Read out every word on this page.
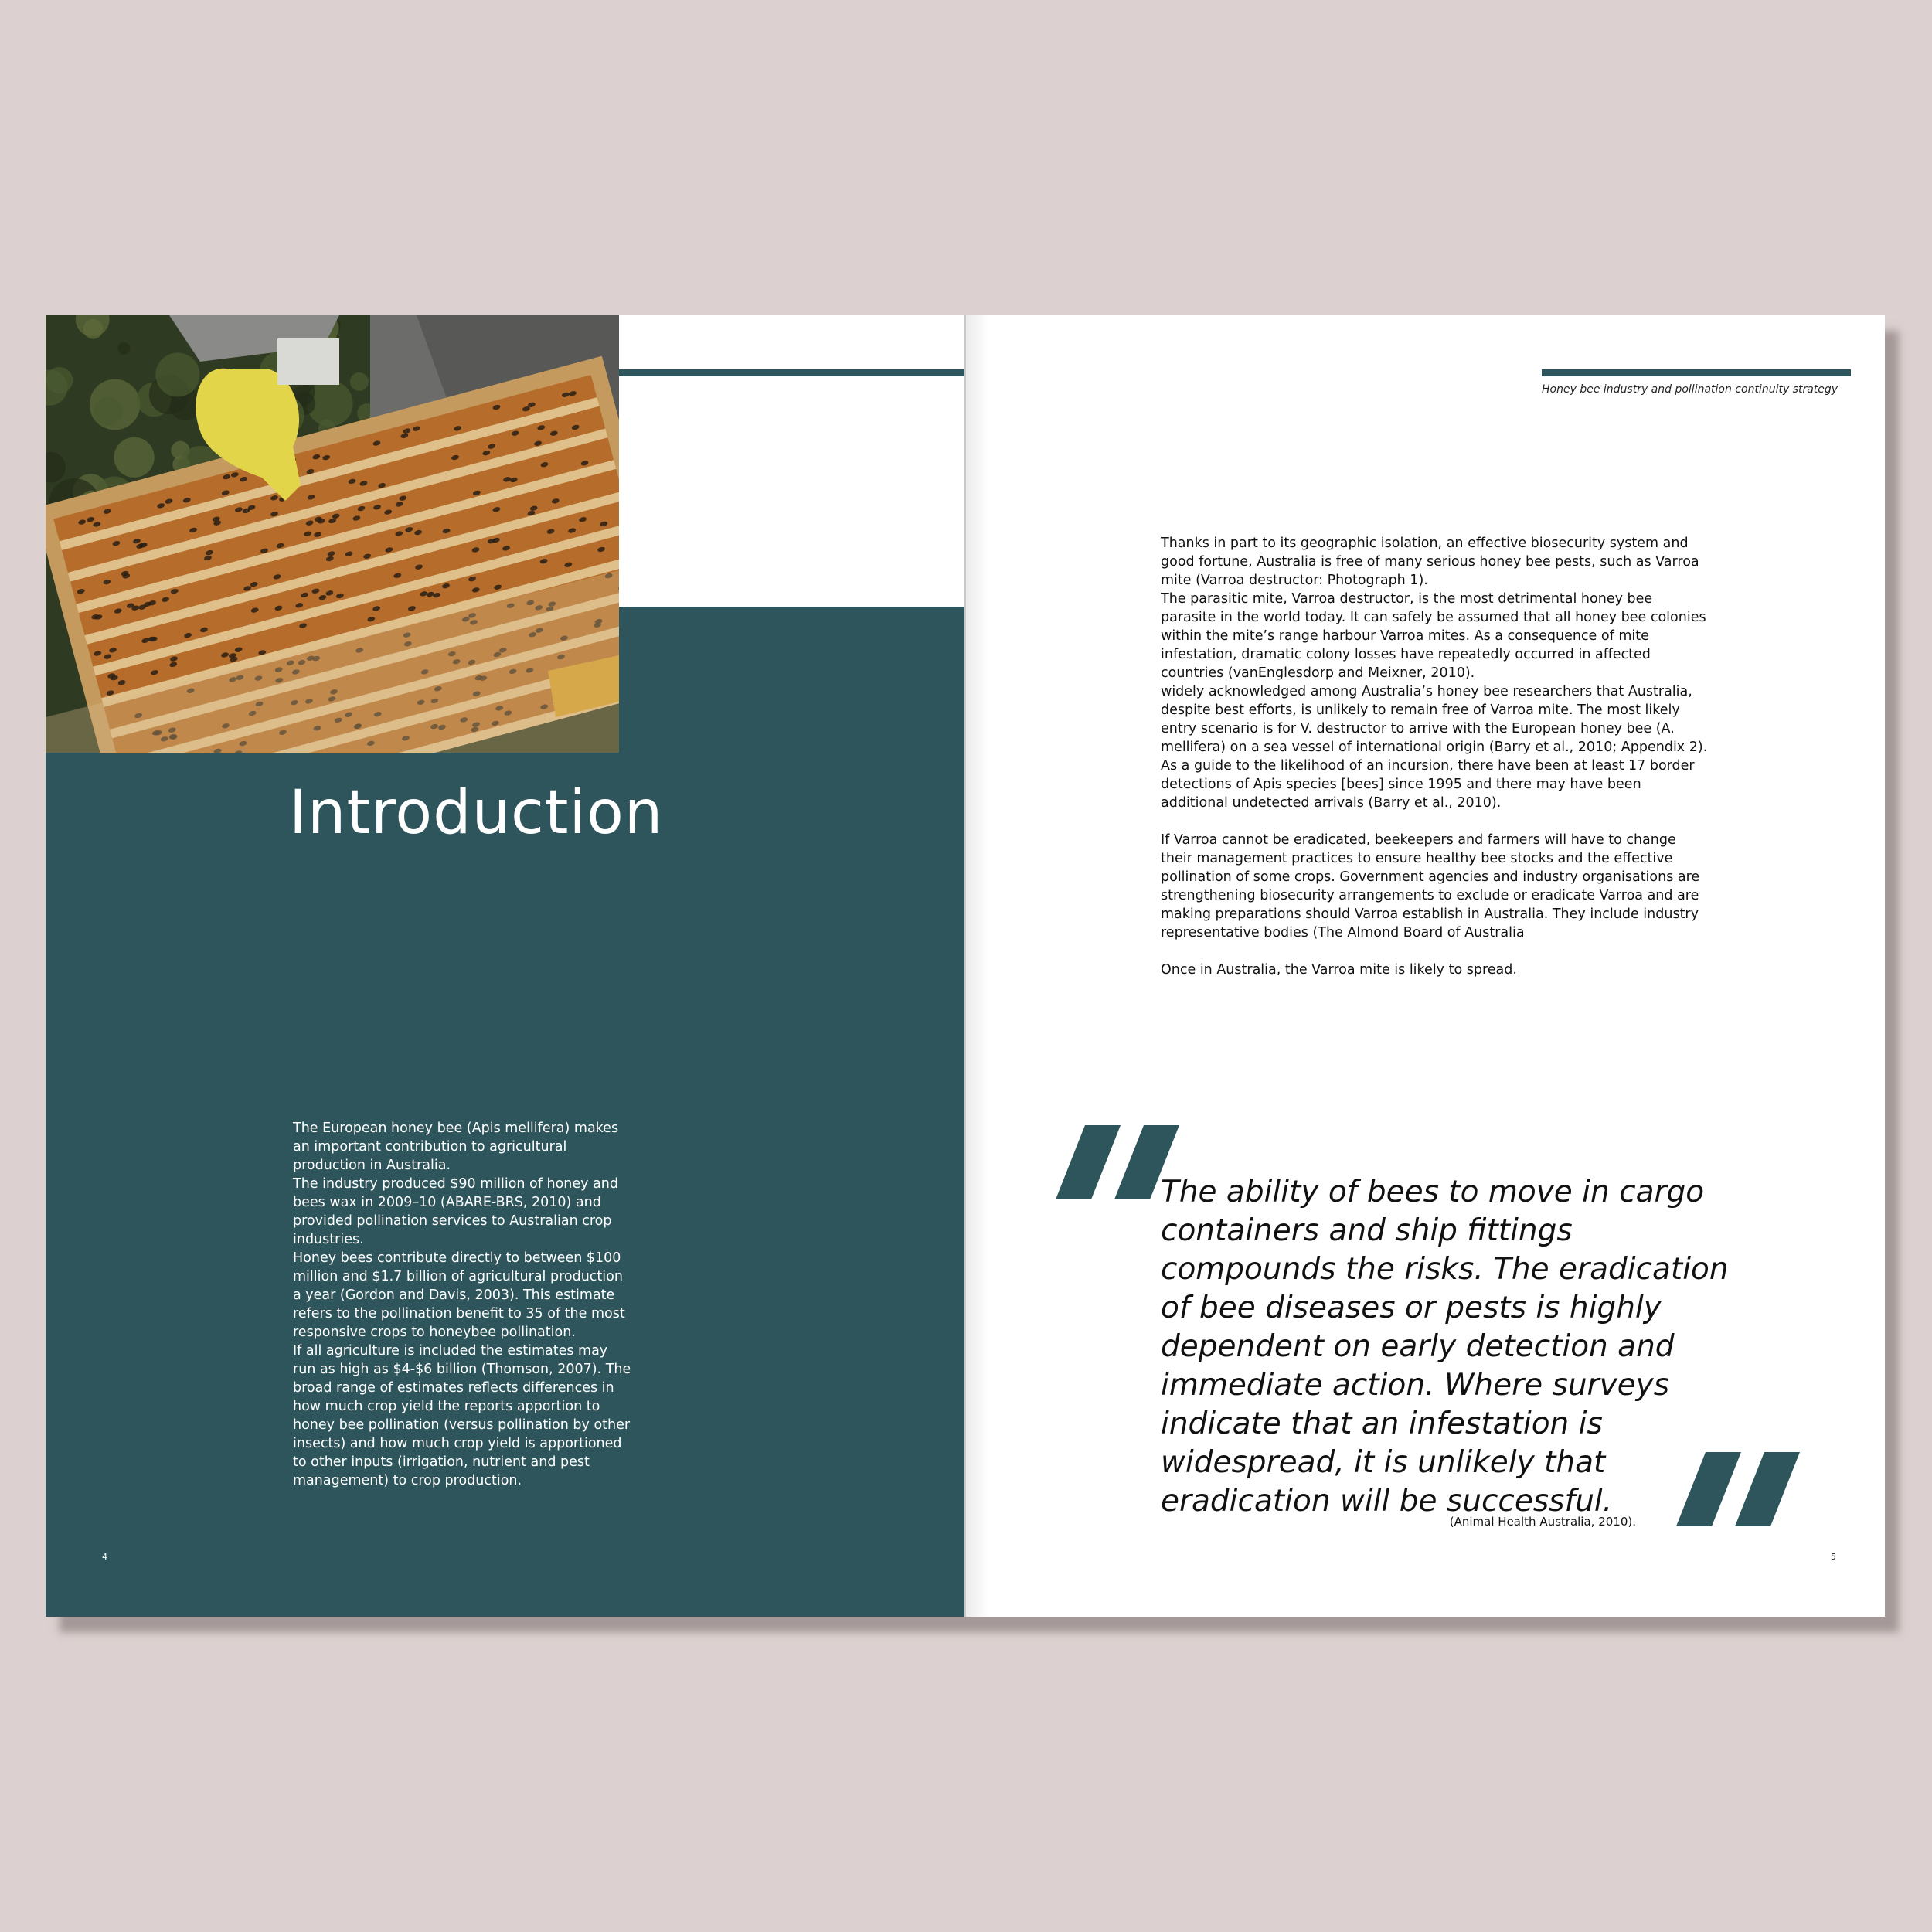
Introduction

The European honey bee (Apis mellifera) makes an important contribution to agricultural production in Australia.

The industry produced $90 million of honey and bees wax in 2009–10 (ABARE-BRS, 2010) and provided pollination services to Australian crop industries.

Honey bees contribute directly to between $100 million and $1.7 billion of agricultural production a year (Gordon and Davis, 2003). This estimate refers to the pollination benefit to 35 of the most responsive crops to honeybee pollination.

If all agriculture is included the estimates may run as high as $4-$6 billion (Thomson, 2007). The broad range of estimates reflects differences in how much crop yield the reports apportion to honey bee pollination (versus pollination by other insects) and how much crop yield is apportioned to other inputs (irrigation, nutrient and pest management) to crop production.

4
Honey bee industry and pollination continuity strategy

Thanks in part to its geographic isolation, an effective biosecurity system and good fortune, Australia is free of many serious honey bee pests, such as Varroa mite (Varroa destructor: Photograph 1).

The parasitic mite, Varroa destructor, is the most detrimental honey bee parasite in the world today. It can safely be assumed that all honey bee colonies within the mite’s range harbour Varroa mites. As a consequence of mite infestation, dramatic colony losses have repeatedly occurred in affected countries (vanEnglesdorp and Meixner, 2010).

widely acknowledged among Australia’s honey bee researchers that Australia, despite best efforts, is unlikely to remain free of Varroa mite. The most likely entry scenario is for V. destructor to arrive with the European honey bee (A. mellifera) on a sea vessel of international origin (Barry et al., 2010; Appendix 2). As a guide to the likelihood of an incursion, there have been at least 17 border detections of Apis species [bees] since 1995 and there may have been additional undetected arrivals (Barry et al., 2010).

If Varroa cannot be eradicated, beekeepers and farmers will have to change their management practices to ensure healthy bee stocks and the effective pollination of some crops. Government agencies and industry organisations are strengthening biosecurity arrangements to exclude or eradicate Varroa and are making preparations should Varroa establish in Australia. They include industry representative bodies (The Almond Board of Australia

Once in Australia, the Varroa mite is likely to spread.

The ability of bees to move in cargo containers and ship fittings compounds the risks. The eradication of bee diseases or pests is highly dependent on early detection and immediate action. Where surveys indicate that an infestation is widespread, it is unlikely that eradication will be successful.

(Animal Health Australia, 2010).
5
